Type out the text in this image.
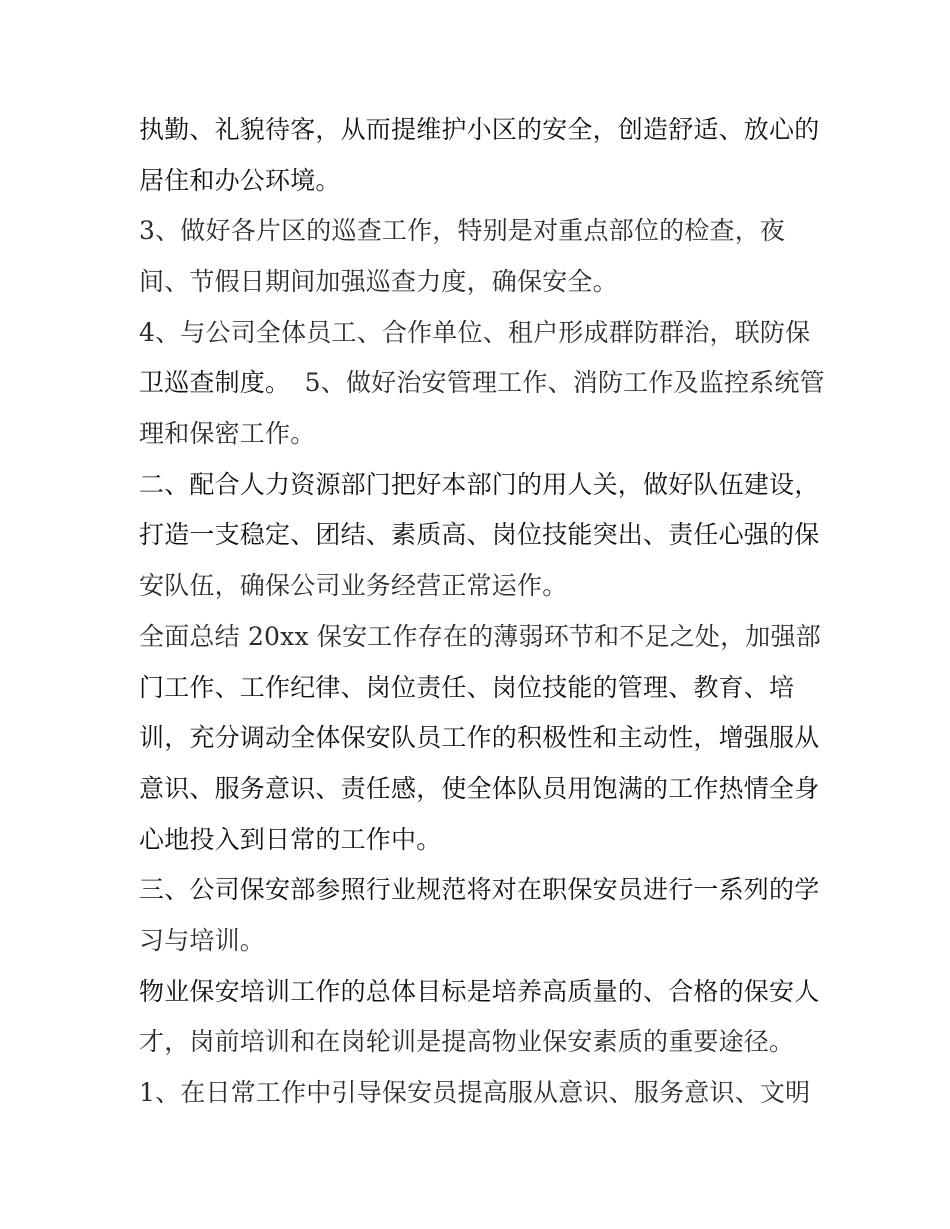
执勤、礼貌待客，从而提维护小区的安全，创造舒适、放心的
居住和办公环境。
3、做好各片区的巡查工作，特别是对重点部位的检查，夜
间、节假日期间加强巡查力度，确保安全。
4、与公司全体员工、合作单位、租户形成群防群治，联防保
卫巡查制度。 5、做好治安管理工作、消防工作及监控系统管
理和保密工作。
二、配合人力资源部门把好本部门的用人关，做好队伍建设，
打造一支稳定、团结、素质高、岗位技能突出、责任心强的保
安队伍，确保公司业务经营正常运作。
全面总结 20xx 保安工作存在的薄弱环节和不足之处，加强部
门工作、工作纪律、岗位责任、岗位技能的管理、教育、培
训，充分调动全体保安队员工作的积极性和主动性，增强服从
意识、服务意识、责任感，使全体队员用饱满的工作热情全身
心地投入到日常的工作中。
三、公司保安部参照行业规范将对在职保安员进行一系列的学
习与培训。
物业保安培训工作的总体目标是培养高质量的、合格的保安人
才，岗前培训和在岗轮训是提高物业保安素质的重要途径。
1、在日常工作中引导保安员提高服从意识、服务意识、文明
